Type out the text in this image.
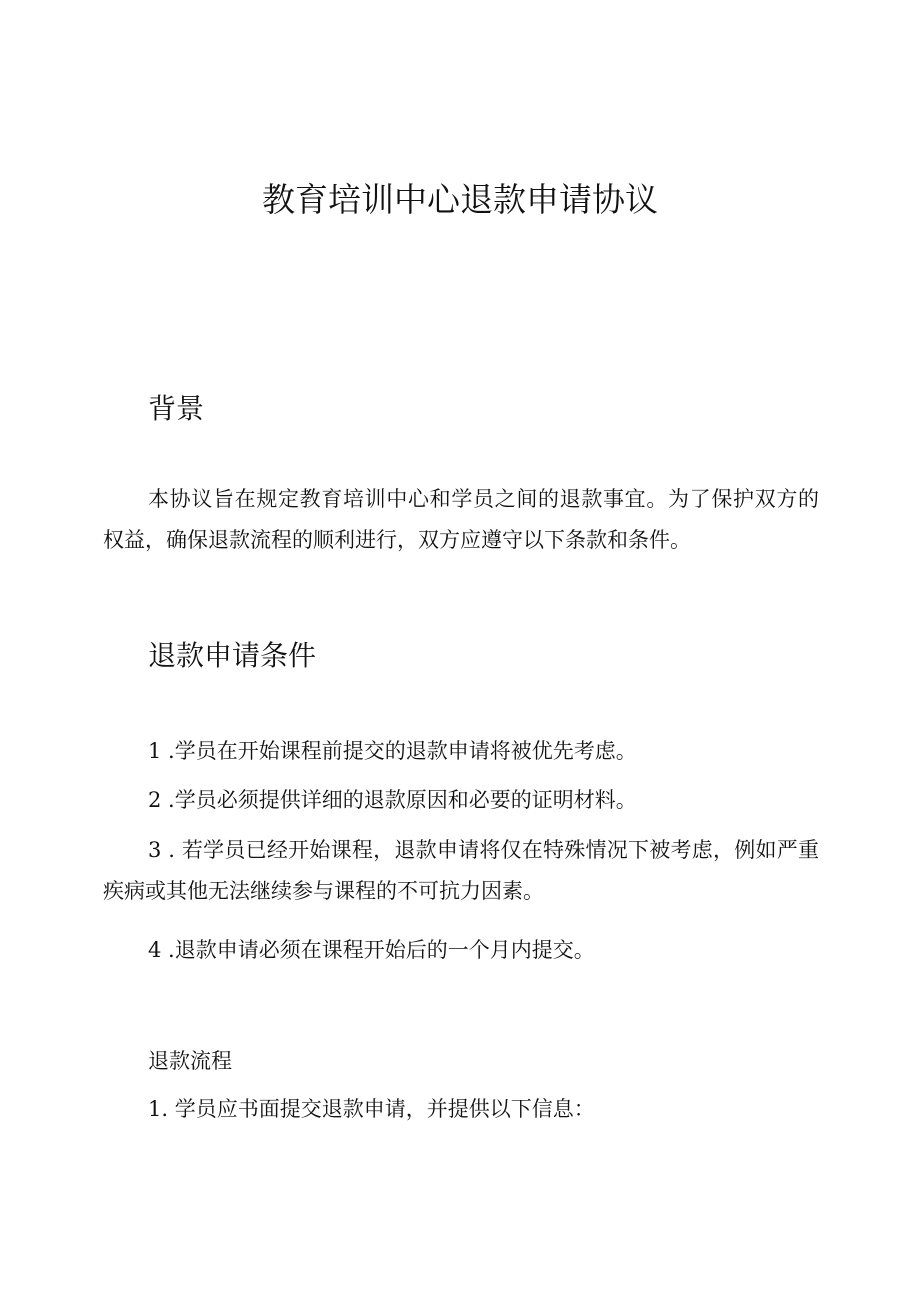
教育培训中心退款申请协议
背景
本协议旨在规定教育培训中心和学员之间的退款事宜。为了保护双方的权益，确保退款流程的顺利进行，双方应遵守以下条款和条件。
退款申请条件
1 .学员在开始课程前提交的退款申请将被优先考虑。
2 .学员必须提供详细的退款原因和必要的证明材料。
3 . 若学员已经开始课程，退款申请将仅在特殊情况下被考虑，例如严重疾病或其他无法继续参与课程的不可抗力因素。
4 .退款申请必须在课程开始后的一个月内提交。
退款流程
1. 学员应书面提交退款申请，并提供以下信息：
